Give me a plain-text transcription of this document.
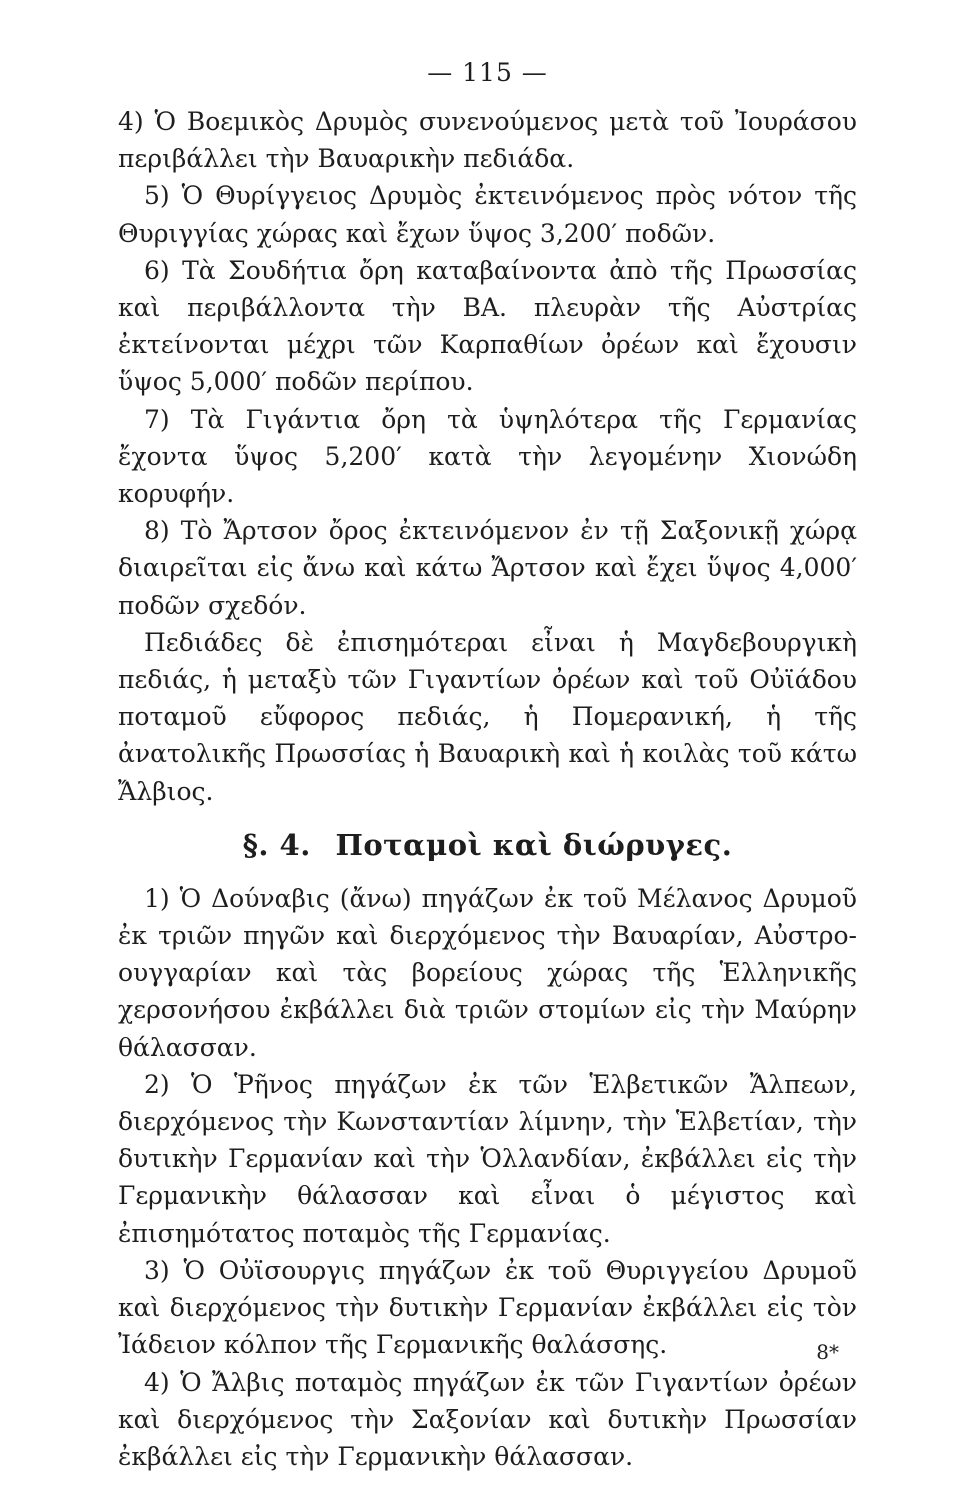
— 115 —

4) Ὁ Βοεμικὸς Δρυμὸς συνενούμενος μετὰ τοῦ Ἰουράσου περιβάλλει τὴν Βαυαρικὴν πεδιάδα.

5) Ὁ Θυρίγγειος Δρυμὸς ἐκτεινόμενος πρὸς νότον τῆς Θυριγγίας χώρας καὶ ἔχων ὕψος 3,200′ ποδῶν.

6) Τὰ Σουδήτια ὄρη καταβαίνοντα ἀπὸ τῆς Πρωσσίας καὶ περιβάλλοντα τὴν ΒΑ. πλευρὰν τῆς Αὐστρίας ἐκτείνονται μέχρι τῶν Καρπαθίων ὀρέων καὶ ἔχουσιν ὕψος 5,000′ ποδῶν περίπου.

7) Τὰ Γιγάντια ὄρη τὰ ὑψηλότερα τῆς Γερμανίας ἔχοντα ὕψος 5,200′ κατὰ τὴν λεγομένην Χιονώδη κορυφήν.

8) Τὸ Ἄρτσον ὄρος ἐκτεινόμενον ἐν τῇ Σαξονικῇ χώρᾳ διαιρεῖται εἰς ἄνω καὶ κάτω Ἄρτσον καὶ ἔχει ὕψος 4,000′ ποδῶν σχεδόν.

Πεδιάδες δὲ ἐπισημότεραι εἶναι ἡ Μαγδεβουργικὴ πεδιάς, ἡ μεταξὺ τῶν Γιγαντίων ὀρέων καὶ τοῦ Οὐϊάδου ποταμοῦ εὔφορος πεδιάς, ἡ Πομερανική, ἡ τῆς ἀνατολικῆς Πρωσσίας ἡ Βαυαρικὴ καὶ ἡ κοιλὰς τοῦ κάτω Ἄλβιος.

§. 4. Ποταμοὶ καὶ διώρυγες.

1) Ὁ Δούναβις (ἄνω) πηγάζων ἐκ τοῦ Μέλανος Δρυμοῦ ἐκ τριῶν πηγῶν καὶ διερχόμενος τὴν Βαυαρίαν, Αὐστρο-ουγγαρίαν καὶ τὰς βορείους χώρας τῆς Ἑλληνικῆς χερσονήσου ἐκβάλλει διὰ τριῶν στομίων εἰς τὴν Μαύρην θάλασσαν.

2) Ὁ Ῥῆνος πηγάζων ἐκ τῶν Ἑλβετικῶν Ἄλπεων, διερχόμενος τὴν Κωνσταντίαν λίμνην, τὴν Ἑλβετίαν, τὴν δυτικὴν Γερμανίαν καὶ τὴν Ὁλλανδίαν, ἐκβάλλει εἰς τὴν Γερμανικὴν θάλασσαν καὶ εἶναι ὁ μέγιστος καὶ ἐπισημότατος ποταμὸς τῆς Γερμανίας.

3) Ὁ Οὐϊσουργις πηγάζων ἐκ τοῦ Θυριγγείου Δρυμοῦ καὶ διερχόμενος τὴν δυτικὴν Γερμανίαν ἐκβάλλει εἰς τὸν Ἰάδειον κόλπον τῆς Γερμανικῆς θαλάσσης.

4) Ὁ Ἄλβις ποταμὸς πηγάζων ἐκ τῶν Γιγαντίων ὀρέων καὶ διερχόμενος τὴν Σαξονίαν καὶ δυτικὴν Πρωσσίαν ἐκβάλλει εἰς τὴν Γερμανικὴν θάλασσαν.

8*
